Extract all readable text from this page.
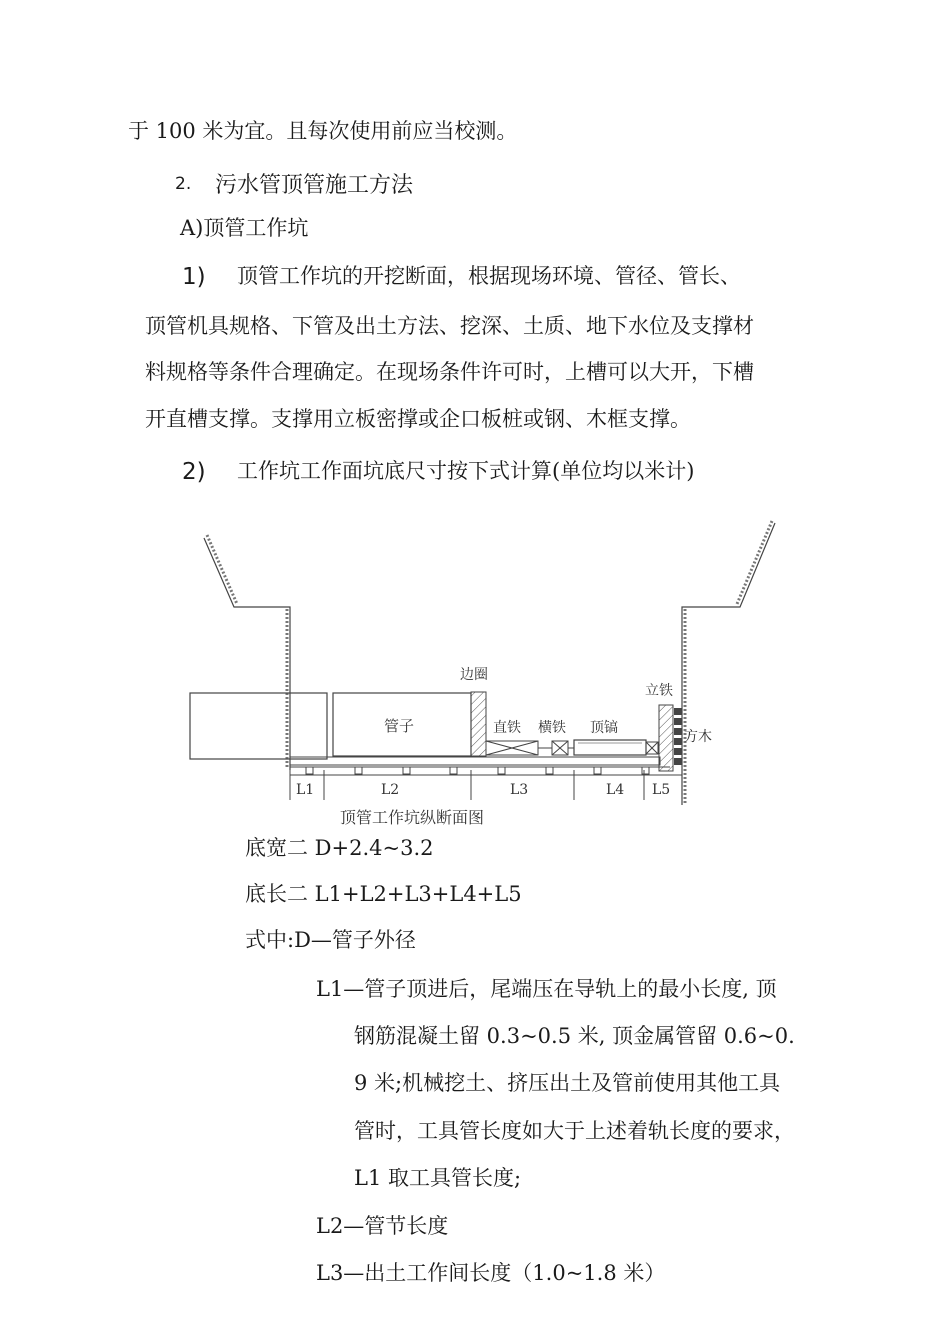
于 100 米为宜。且每次使用前应当校测。
2. 污水管顶管施工方法
A)顶管工作坑
1) 顶管工作坑的开挖断面，根据现场环境、管径、管长、
顶管机具规格、下管及出土方法、挖深、土质、地下水位及支撑材
料规格等条件合理确定。在现场条件许可时，上槽可以大开，下槽
开直槽支撑。支撑用立板密撑或企口板桩或钢、木框支撑。
2) 工作坑工作面坑底尺寸按下式计算(单位均以米计)
管子
边圈
直铁 横铁 顶镐
立铁
方木
L1	L2	L3	L4 L5
顶管工作坑纵断面图
底宽二 D+2.4~3.2
底长二 L1+L2+L3+L4+L5
式中:D—管子外径
L1—管子顶进后，尾端压在导轨上的最小长度, 顶
钢筋混凝土留 0.3~0.5 米, 顶金属管留 0.6~0.
9 米;机械挖土、挤压出土及管前使用其他工具
管时，工具管长度如大于上述着轨长度的要求，
L1 取工具管长度;
L2—管节长度
L3—出土工作间长度（1.0~1.8 米）
